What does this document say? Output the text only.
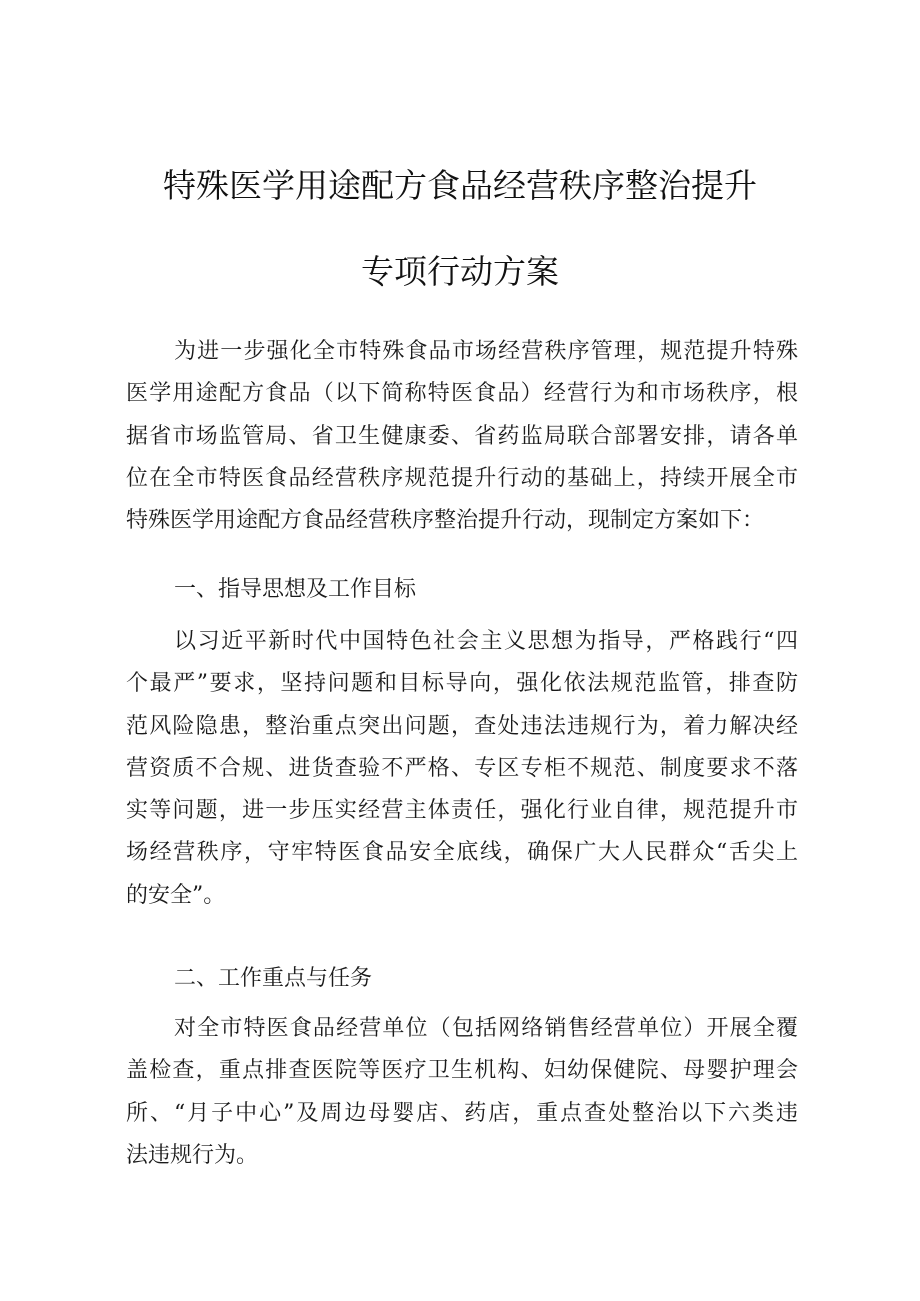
特殊医学用途配方食品经营秩序整治提升
专项行动方案
为进一步强化全市特殊食品市场经营秩序管理，规范提升特殊
医学用途配方食品（以下简称特医食品）经营行为和市场秩序，根
据省市场监管局、省卫生健康委、省药监局联合部署安排，请各单
位在全市特医食品经营秩序规范提升行动的基础上，持续开展全市
特殊医学用途配方食品经营秩序整治提升行动，现制定方案如下：
一、指导思想及工作目标
以习近平新时代中国特色社会主义思想为指导，严格践行“四
个最严”要求，坚持问题和目标导向，强化依法规范监管，排查防
范风险隐患，整治重点突出问题，查处违法违规行为，着力解决经
营资质不合规、进货查验不严格、专区专柜不规范、制度要求不落
实等问题，进一步压实经营主体责任，强化行业自律，规范提升市
场经营秩序，守牢特医食品安全底线，确保广大人民群众“舌尖上
的安全”。
二、工作重点与任务
对全市特医食品经营单位（包括网络销售经营单位）开展全覆
盖检查，重点排查医院等医疗卫生机构、妇幼保健院、母婴护理会
所、“月子中心”及周边母婴店、药店，重点查处整治以下六类违
法违规行为。
